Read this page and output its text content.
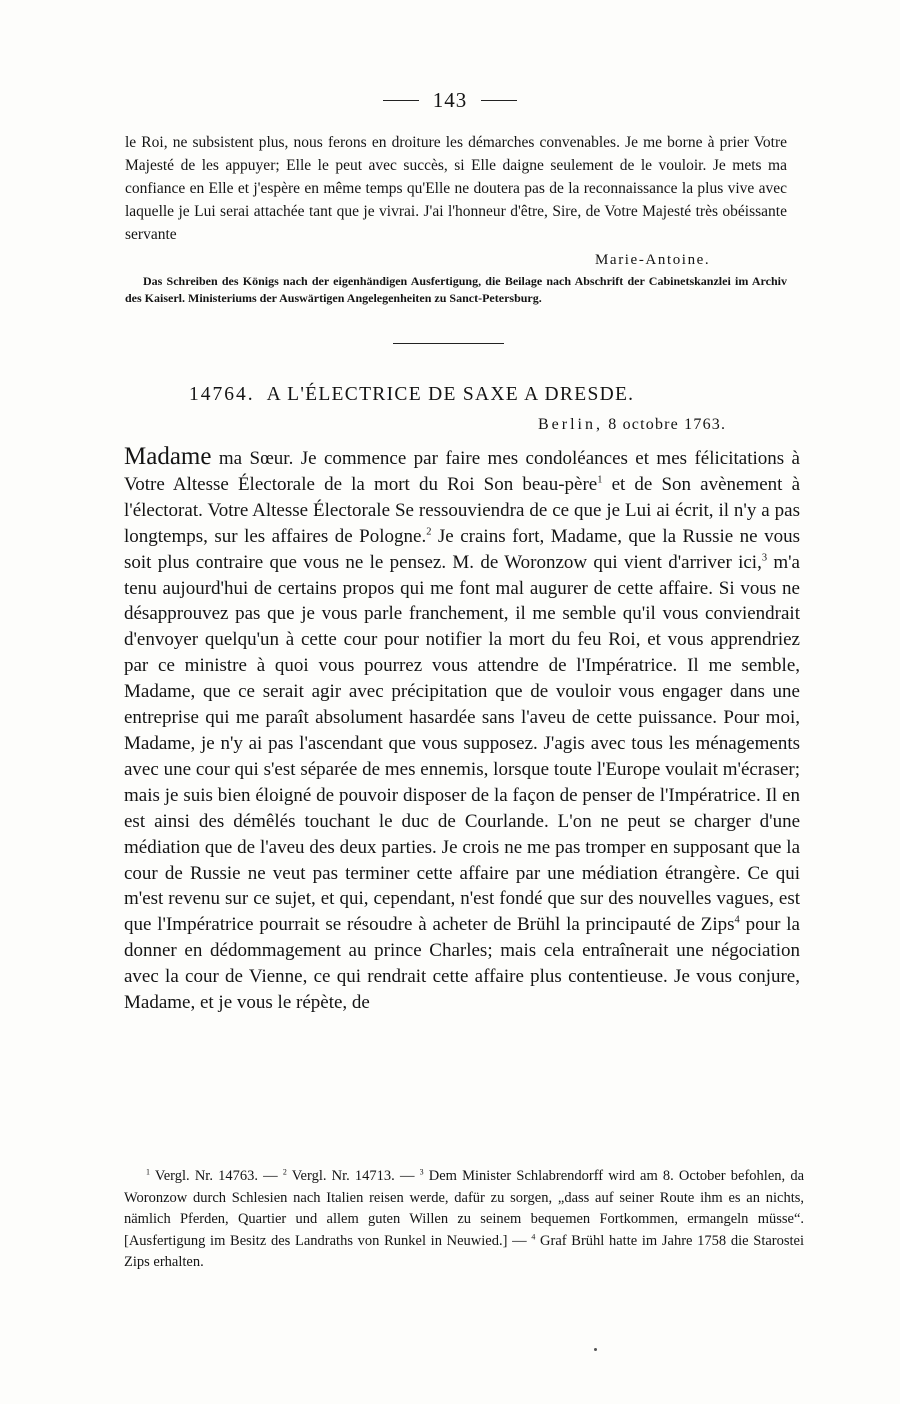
143
le Roi, ne subsistent plus, nous ferons en droiture les démarches convenables. Je me borne à prier Votre Majesté de les appuyer; Elle le peut avec succès, si Elle daigne seulement de le vouloir. Je mets ma confiance en Elle et j'espère en même temps qu'Elle ne doutera pas de la reconnaissance la plus vive avec laquelle je Lui serai attachée tant que je vivrai. J'ai l'honneur d'être, Sire, de Votre Majesté très obéissante servante
Marie-Antoine.
Das Schreiben des Königs nach der eigenhändigen Ausfertigung, die Beilage nach Abschrift der Cabinetskanzlei im Archiv des Kaiserl. Ministeriums der Auswärtigen Angelegenheiten zu Sanct-Petersburg.
14764. A L'ÉLECTRICE DE SAXE A DRESDE.
Berlin, 8 octobre 1763.
Madame ma Sœur. Je commence par faire mes condoléances et mes félicitations à Votre Altesse Électorale de la mort du Roi Son beau-père$^1$ et de Son avènement à l'électorat. Votre Altesse Électorale Se ressouviendra de ce que je Lui ai écrit, il n'y a pas longtemps, sur les affaires de Pologne.$^2$ Je crains fort, Madame, que la Russie ne vous soit plus contraire que vous ne le pensez. M. de Woronzow qui vient d'arriver ici,$^3$ m'a tenu aujourd'hui de certains propos qui me font mal augurer de cette affaire. Si vous ne désapprouvez pas que je vous parle franchement, il me semble qu'il vous conviendrait d'envoyer quelqu'un à cette cour pour notifier la mort du feu Roi, et vous apprendriez par ce ministre à quoi vous pourrez vous attendre de l'Impératrice. Il me semble, Madame, que ce serait agir avec précipitation que de vouloir vous engager dans une entreprise qui me paraît absolument hasardée sans l'aveu de cette puissance. Pour moi, Madame, je n'y ai pas l'ascendant que vous supposez. J'agis avec tous les ménagements avec une cour qui s'est séparée de mes ennemis, lorsque toute l'Europe voulait m'écraser; mais je suis bien éloigné de pouvoir disposer de la façon de penser de l'Impératrice. Il en est ainsi des démêlés touchant le duc de Courlande. L'on ne peut se charger d'une médiation que de l'aveu des deux parties. Je crois ne me pas tromper en supposant que la cour de Russie ne veut pas terminer cette affaire par une médiation étrangère. Ce qui m'est revenu sur ce sujet, et qui, cependant, n'est fondé que sur des nouvelles vagues, est que l'Impératrice pourrait se résoudre à acheter de Brühl la principauté de Zips$^4$ pour la donner en dédommagement au prince Charles; mais cela entraînerait une négociation avec la cour de Vienne, ce qui rendrait cette affaire plus contentieuse. Je vous conjure, Madame, et je vous le répète, de
$^1$ Vergl. Nr. 14763. — $^2$ Vergl. Nr. 14713. — $^3$ Dem Minister Schlabrendorff wird am 8. October befohlen, da Woronzow durch Schlesien nach Italien reisen werde, dafür zu sorgen, „dass auf seiner Route ihm es an nichts, nämlich Pferden, Quartier und allem guten Willen zu seinem bequemen Fortkommen, ermangeln müsse“. [Ausfertigung im Besitz des Landraths von Runkel in Neuwied.] — $^4$ Graf Brühl hatte im Jahre 1758 die Starostei Zips erhalten.
